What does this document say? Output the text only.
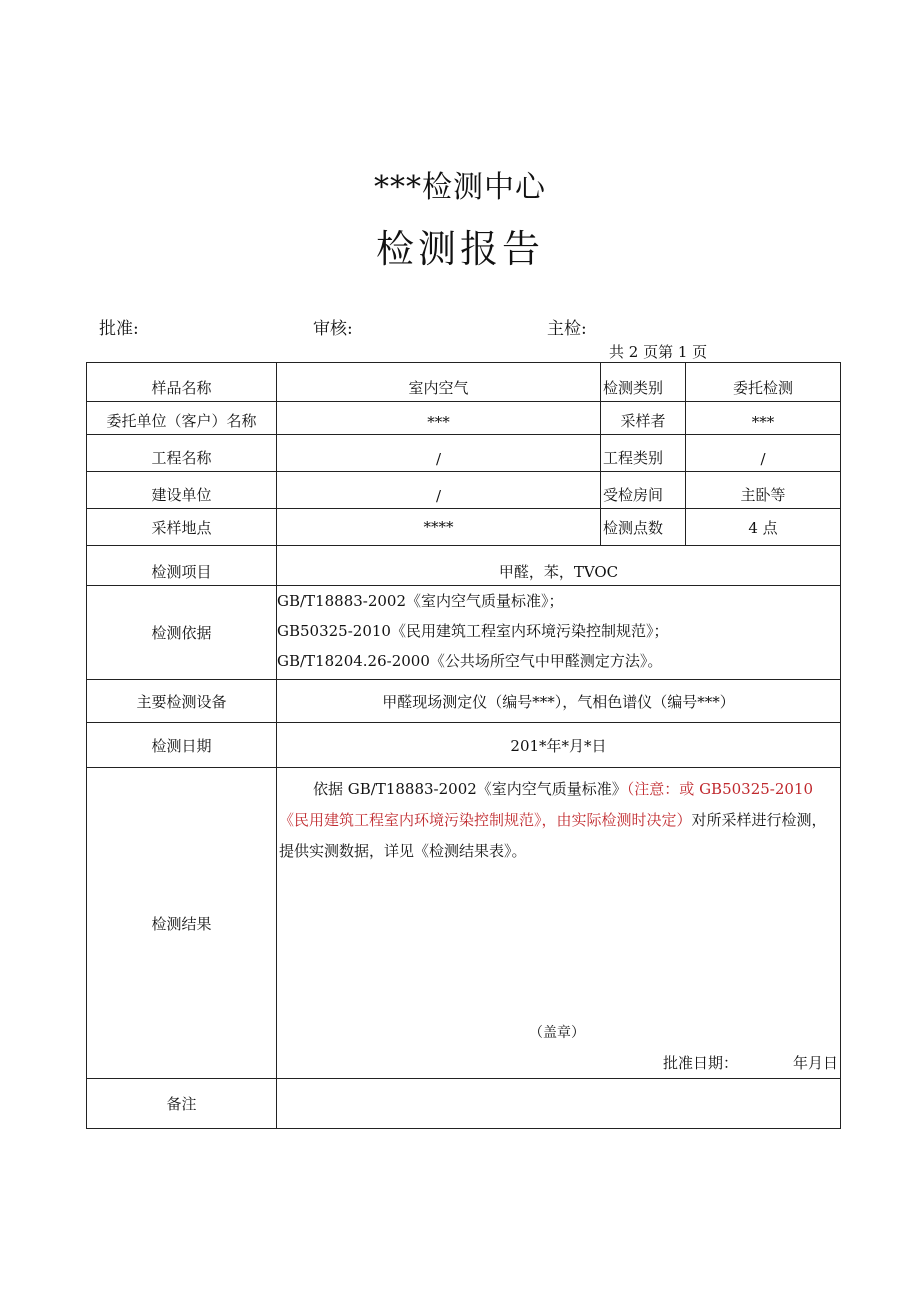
***检测中心
检测报告
批准:	审核:	主检:
共 2 页第 1 页
样品名称	室内空气	检测类别	委托检测
委托单位（客户）名称	***	采样者	***
工程名称	/	工程类别	/
建设单位	/	受检房间	主卧等
采样地点	****	检测点数	4 点
检测项目	甲醛，苯，TVOC		
检测依据	GB/T18883-2002《室内空气质量标准》；
GB50325-2010《民用建筑工程室内环境污染控制规范》；
GB/T18204.26-2000《公共场所空气中甲醛测定方法》。		

主要检测设备	甲醛现场测定仪（编号***），气相色谱仪（编号***）		
检测日期	201*年*月*日		
检测结果	依据 GB/T18883-2002《室内空气质量标准》（注意：或 GB50325-2010《民用建筑工程室内环境污染控制规范》，由实际检测时决定）对所采样进行检测，提供实测数据，详见《检测结果表》。
（盖章）
批准日期： 年月日		

备注			
